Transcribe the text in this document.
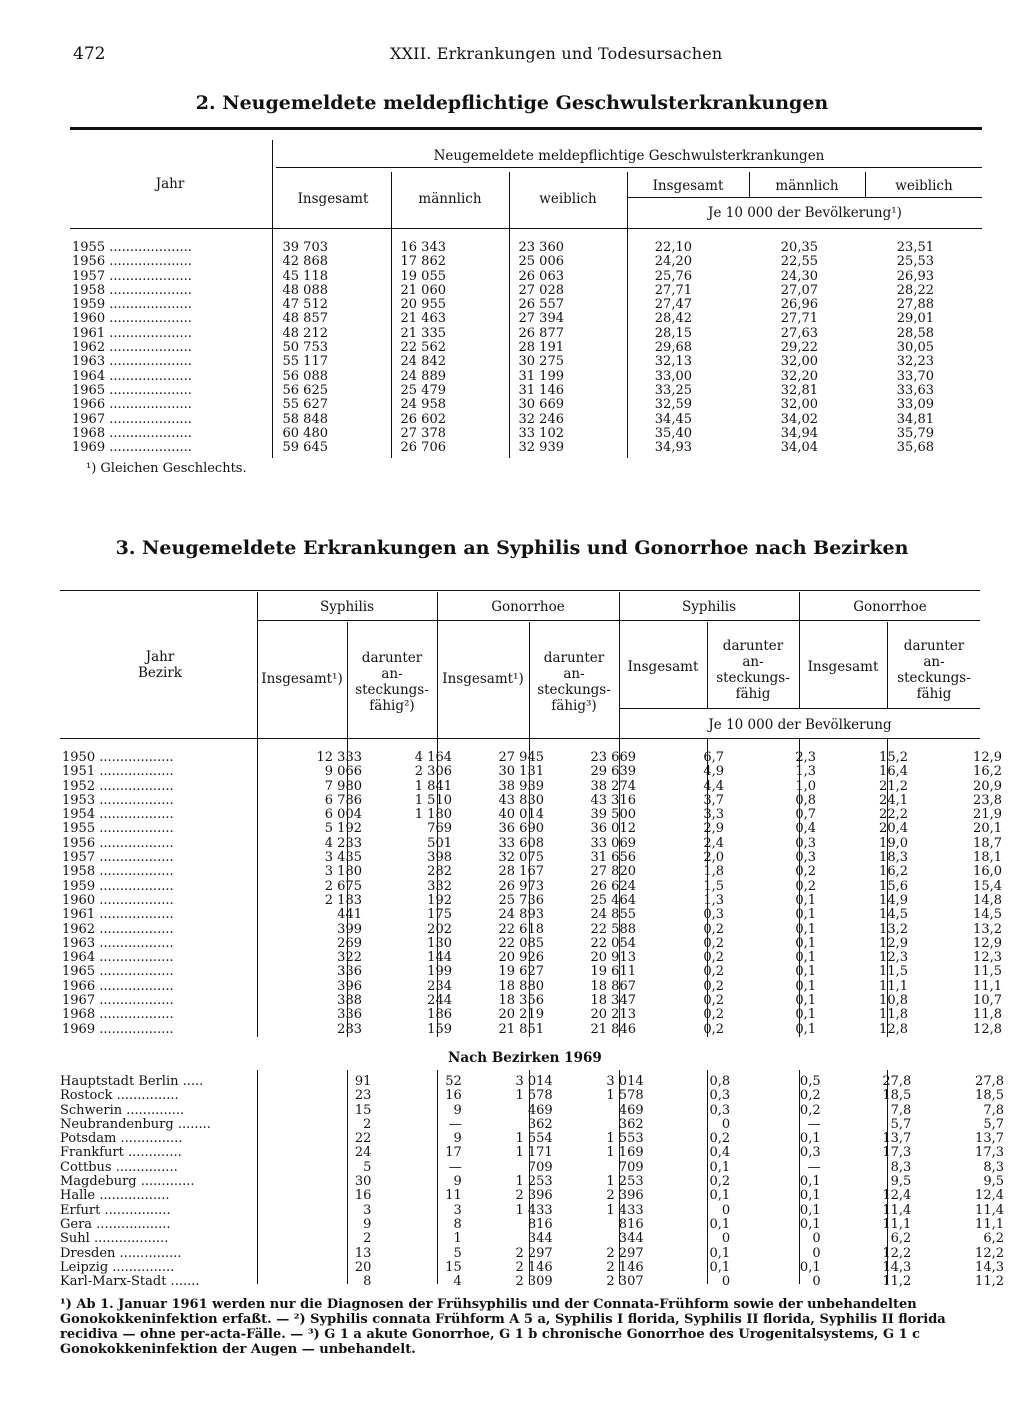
472	XXII. Erkrankungen und Todesursachen
2. Neugemeldete meldepflichtige Geschwulsterkrankungen
Jahr
Neugemeldete meldepflichtige Geschwulsterkrankungen
Insgesamt	männlich	weiblich
Insgesamt	männlich	weiblich
Je 10 000 der Bevölkerung¹)
1955 ....................	39 703	16 343	23 360	22,10	20,35	23,51
1956 ....................	42 868	17 862	25 006	24,20	22,55	25,53
1957 ....................	45 118	19 055	26 063	25,76	24,30	26,93
1958 ....................	48 088	21 060	27 028	27,71	27,07	28,22
1959 ....................	47 512	20 955	26 557	27,47	26,96	27,88
1960 ....................	48 857	21 463	27 394	28,42	27,71	29,01
1961 ....................	48 212	21 335	26 877	28,15	27,63	28,58
1962 ....................	50 753	22 562	28 191	29,68	29,22	30,05
1963 ....................	55 117	24 842	30 275	32,13	32,00	32,23
1964 ....................	56 088	24 889	31 199	33,00	32,20	33,70
1965 ....................	56 625	25 479	31 146	33,25	32,81	33,63
1966 ....................	55 627	24 958	30 669	32,59	32,00	33,09
1967 ....................	58 848	26 602	32 246	34,45	34,02	34,81
1968 ....................	60 480	27 378	33 102	35,40	34,94	35,79
1969 ....................	59 645	26 706	32 939	34,93	34,04	35,68
¹) Gleichen Geschlechts.
3. Neugemeldete Erkrankungen an Syphilis und Gonorrhoe nach Bezirken
Jahr
Bezirk
Syphilis	Gonorrhoe	Syphilis	Gonorrhoe
Insgesamt¹)
darunter
an-
steckungs-
fähig²)
Insgesamt¹)
darunter
an-
steckungs-
fähig³)
Insgesamt
darunter
an-
steckungs-
fähig
Insgesamt
darunter
an-
steckungs-
fähig
Je 10 000 der Bevölkerung
1950 ..................		12 333	4 164	27 945	23 669	6,7	2,3	15,2	12,9
1951 ..................		9 066	2 306	30 131	29 639	4,9	1,3	16,4	16,2
1952 ..................		7 980	1 841	38 939	38 274	4,4	1,0	21,2	20,9
1953 ..................		6 786	1 510	43 830	43 316	3,7	0,8	24,1	23,8
1954 ..................		6 004	1 180	40 014	39 500	3,3	0,7	22,2	21,9
1955 ..................		5 192	769	36 690	36 012	2,9	0,4	20,4	20,1
1956 ..................		4 233	501	33 608	33 069	2,4	0,3	19,0	18,7
1957 ..................		3 435	398	32 075	31 656	2,0	0,3	18,3	18,1
1958 ..................		3 180	282	28 167	27 820	1,8	0,2	16,2	16,0
1959 ..................		2 675	332	26 973	26 624	1,5	0,2	15,6	15,4
1960 ..................		2 183	192	25 736	25 464	1,3	0,1	14,9	14,8
1961 ..................		441	175	24 893	24 855	0,3	0,1	14,5	14,5
1962 ..................		399	202	22 618	22 588	0,2	0,1	13,2	13,2
1963 ..................		269	130	22 085	22 054	0,2	0,1	12,9	12,9
1964 ..................		322	144	20 926	20 913	0,2	0,1	12,3	12,3
1965 ..................		336	199	19 627	19 611	0,2	0,1	11,5	11,5
1966 ..................		396	234	18 880	18 867	0,2	0,1	11,1	11,1
1967 ..................		388	244	18 356	18 347	0,2	0,1	10,8	10,7
1968 ..................		336	186	20 219	20 213	0,2	0,1	11,8	11,8
1969 ..................		283	159	21 851	21 846	0,2	0,1	12,8	12,8
Nach Bezirken 1969
Hauptstadt Berlin .....		91	52	3 014	3 014	0,8	0,5	27,8	27,8
Rostock ...............		23	16	1 578	1 578	0,3	0,2	18,5	18,5
Schwerin ..............		15	9	469	469	0,3	0,2	7,8	7,8
Neubrandenburg ........		2	—	362	362	0	—	5,7	5,7
Potsdam ...............		22	9	1 554	1 553	0,2	0,1	13,7	13,7
Frankfurt .............		24	17	1 171	1 169	0,4	0,3	17,3	17,3
Cottbus ...............		5	—	709	709	0,1	—	8,3	8,3
Magdeburg .............		30	9	1 253	1 253	0,2	0,1	9,5	9,5
Halle .................		16	11	2 396	2 396	0,1	0,1	12,4	12,4
Erfurt ................		3	3	1 433	1 433	0	0,1	11,4	11,4
Gera ..................		9	8	816	816	0,1	0,1	11,1	11,1
Suhl ..................		2	1	344	344	0	0	6,2	6,2
Dresden ...............		13	5	2 297	2 297	0,1	0	12,2	12,2
Leipzig ...............		20	15	2 146	2 146	0,1	0,1	14,3	14,3
Karl-Marx-Stadt .......		8	4	2 309	2 307	0	0	11,2	11,2
¹) Ab 1. Januar 1961 werden nur die Diagnosen der Frühsyphilis und der Connata-Frühform sowie der unbehandelten Gonokokkeninfektion erfaßt. — ²) Syphilis connata Frühform A 5 a, Syphilis I florida, Syphilis II florida, Syphilis II florida recidiva — ohne per-acta-Fälle. — ³) G 1 a akute Gonorrhoe, G 1 b chronische Gonorrhoe des Urogenitalsystems, G 1 c Gonokokkeninfektion der Augen — unbehandelt.
